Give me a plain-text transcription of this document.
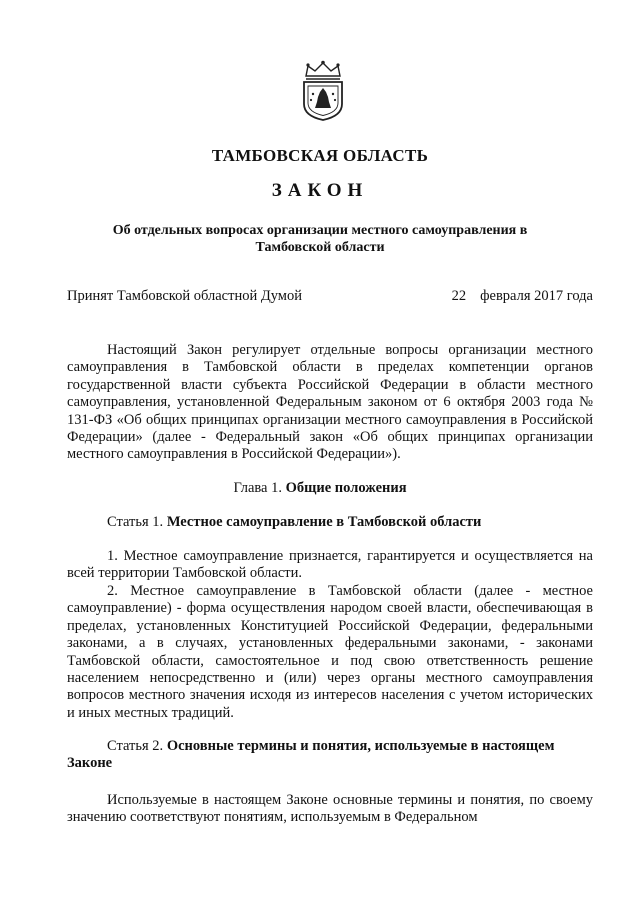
ТАМБОВСКАЯ ОБЛАСТЬ
ЗАКОН
Об отдельных вопросах организации местного самоуправления в
Тамбовской области
Принят Тамбовской областной Думой	22 февраля 2017 года
Настоящий Закон регулирует отдельные вопросы организации местного самоуправления в Тамбовской области в пределах компетенции органов государственной власти субъекта Российской Федерации в области местного самоуправления, установленной Федеральным законом от 6 октября 2003 года № 131-ФЗ «Об общих принципах организации местного самоуправления в Российской Федерации» (далее - Федеральный закон «Об общих принципах организации местного самоуправления в Российской Федерации»).
Глава 1. Общие положения
Статья 1. Местное самоуправление в Тамбовской области
1. Местное самоуправление признается, гарантируется и осуществляется на всей территории Тамбовской области.
2. Местное самоуправление в Тамбовской области (далее - местное самоуправление) - форма осуществления народом своей власти, обеспечивающая в пределах, установленных Конституцией Российской Федерации, федеральными законами, а в случаях, установленных федеральными законами, - законами Тамбовской области, самостоятельное и под свою ответственность решение населением непосредственно и (или) через органы местного самоуправления вопросов местного значения исходя из интересов населения с учетом исторических и иных местных традиций.
Статья 2. Основные термины и понятия, используемые в настоящем Законе
Используемые в настоящем Законе основные термины и понятия, по своему значению соответствуют понятиям, используемым в Федеральном
